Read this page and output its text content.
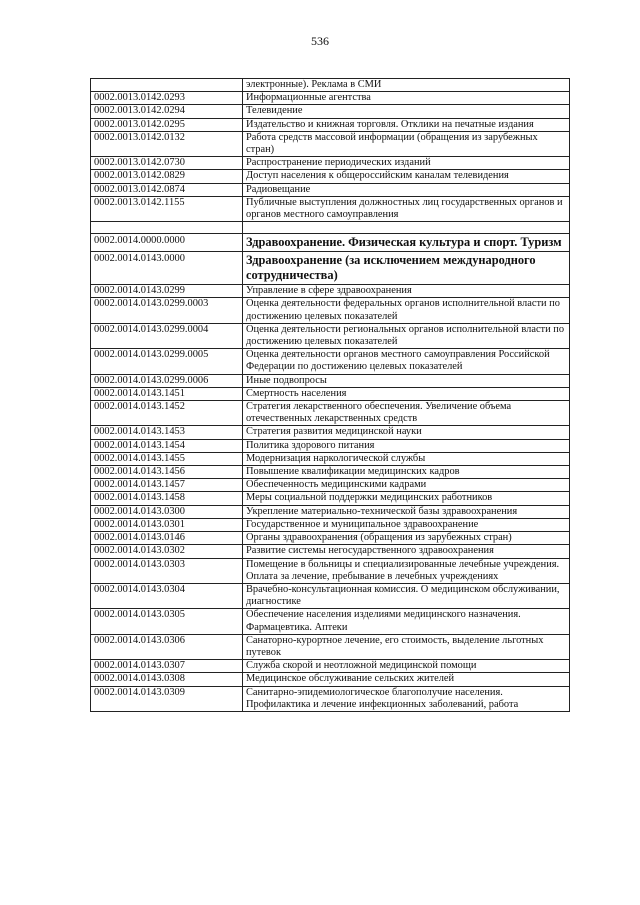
536
	электронные). Реклама в СМИ
0002.0013.0142.0293	Информационные агентства
0002.0013.0142.0294	Телевидение
0002.0013.0142.0295	Издательство и книжная торговля. Отклики на печатные издания
0002.0013.0142.0132	Работа средств массовой информации (обращения из зарубежных стран)
0002.0013.0142.0730	Распространение периодических изданий
0002.0013.0142.0829	Доступ населения к общероссийским каналам телевидения
0002.0013.0142.0874	Радиовещание
0002.0013.0142.1155	Публичные выступления должностных лиц государственных органов и органов местного самоуправления

0002.0014.0000.0000	Здравоохранение. Физическая культура и спорт. Туризм
0002.0014.0143.0000	Здравоохранение (за исключением международного сотрудничества)
0002.0014.0143.0299	Управление в сфере здравоохранения
0002.0014.0143.0299.0003	Оценка деятельности федеральных органов исполнительной власти по достижению целевых показателей
0002.0014.0143.0299.0004	Оценка деятельности региональных органов исполнительной власти по достижению целевых показателей
0002.0014.0143.0299.0005	Оценка деятельности органов местного самоуправления Российской Федерации по достижению целевых показателей
0002.0014.0143.0299.0006	Иные подвопросы
0002.0014.0143.1451	Смертность населения
0002.0014.0143.1452	Стратегия лекарственного обеспечения. Увеличение объема отечественных лекарственных средств
0002.0014.0143.1453	Стратегия развития медицинской науки
0002.0014.0143.1454	Политика здорового питания
0002.0014.0143.1455	Модернизация наркологической службы
0002.0014.0143.1456	Повышение квалификации медицинских кадров
0002.0014.0143.1457	Обеспеченность медицинскими кадрами
0002.0014.0143.1458	Меры социальной поддержки медицинских работников
0002.0014.0143.0300	Укрепление материально-технической базы здравоохранения
0002.0014.0143.0301	Государственное и муниципальное здравоохранение
0002.0014.0143.0146	Органы здравоохранения (обращения из зарубежных стран)
0002.0014.0143.0302	Развитие системы негосударственного здравоохранения
0002.0014.0143.0303	Помещение в больницы и специализированные лечебные учреждения. Оплата за лечение, пребывание в лечебных учреждениях
0002.0014.0143.0304	Врачебно-консультационная комиссия. О медицинском обслуживании, диагностике
0002.0014.0143.0305	Обеспечение населения изделиями медицинского назначения. Фармацевтика. Аптеки
0002.0014.0143.0306	Санаторно-курортное лечение, его стоимость, выделение льготных путевок
0002.0014.0143.0307	Служба скорой и неотложной медицинской помощи
0002.0014.0143.0308	Медицинское обслуживание сельских жителей
0002.0014.0143.0309	Санитарно-эпидемиологическое благополучие населения. Профилактика и лечение инфекционных заболеваний, работа
